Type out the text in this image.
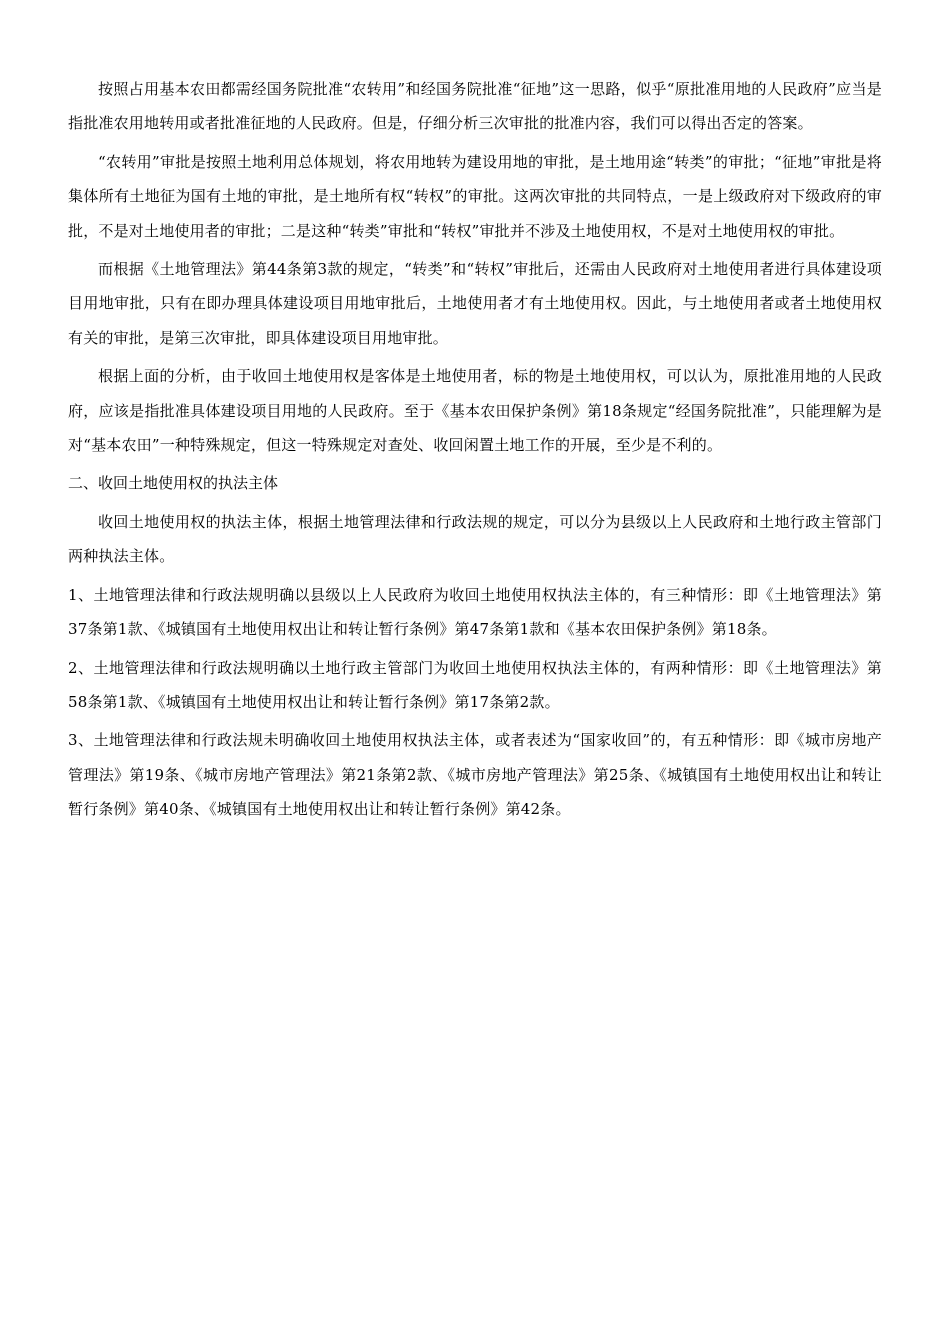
按照占用基本农田都需经国务院批准“农转用”和经国务院批准“征地”这一思路，似乎“原批准用地的人民政府”应当是指批准农用地转用或者批准征地的人民政府。但是，仔细分析三次审批的批准内容，我们可以得出否定的答案。

“农转用”审批是按照土地利用总体规划，将农用地转为建设用地的审批，是土地用途“转类”的审批；“征地”审批是将集体所有土地征为国有土地的审批，是土地所有权“转权”的审批。这两次审批的共同特点，一是上级政府对下级政府的审批，不是对土地使用者的审批；二是这种“转类”审批和“转权”审批并不涉及土地使用权，不是对土地使用权的审批。

而根据《土地管理法》第44条第3款的规定，“转类”和“转权”审批后，还需由人民政府对土地使用者进行具体建设项目用地审批，只有在即办理具体建设项目用地审批后，土地使用者才有土地使用权。因此，与土地使用者或者土地使用权有关的审批，是第三次审批，即具体建设项目用地审批。

根据上面的分析，由于收回土地使用权是客体是土地使用者，标的物是土地使用权，可以认为，原批准用地的人民政府，应该是指批准具体建设项目用地的人民政府。至于《基本农田保护条例》第18条规定“经国务院批准”，只能理解为是对“基本农田”一种特殊规定，但这一特殊规定对查处、收回闲置土地工作的开展，至少是不利的。

二、收回土地使用权的执法主体

收回土地使用权的执法主体，根据土地管理法律和行政法规的规定，可以分为县级以上人民政府和土地行政主管部门两种执法主体。

1、土地管理法律和行政法规明确以县级以上人民政府为收回土地使用权执法主体的，有三种情形：即《土地管理法》第37条第1款、《城镇国有土地使用权出让和转让暂行条例》第47条第1款和《基本农田保护条例》第18条。

2、土地管理法律和行政法规明确以土地行政主管部门为收回土地使用权执法主体的，有两种情形：即《土地管理法》第58条第1款、《城镇国有土地使用权出让和转让暂行条例》第17条第2款。

3、土地管理法律和行政法规未明确收回土地使用权执法主体，或者表述为“国家收回”的，有五种情形：即《城市房地产管理法》第19条、《城市房地产管理法》第21条第2款、《城市房地产管理法》第25条、《城镇国有土地使用权出让和转让暂行条例》第40条、《城镇国有土地使用权出让和转让暂行条例》第42条。
